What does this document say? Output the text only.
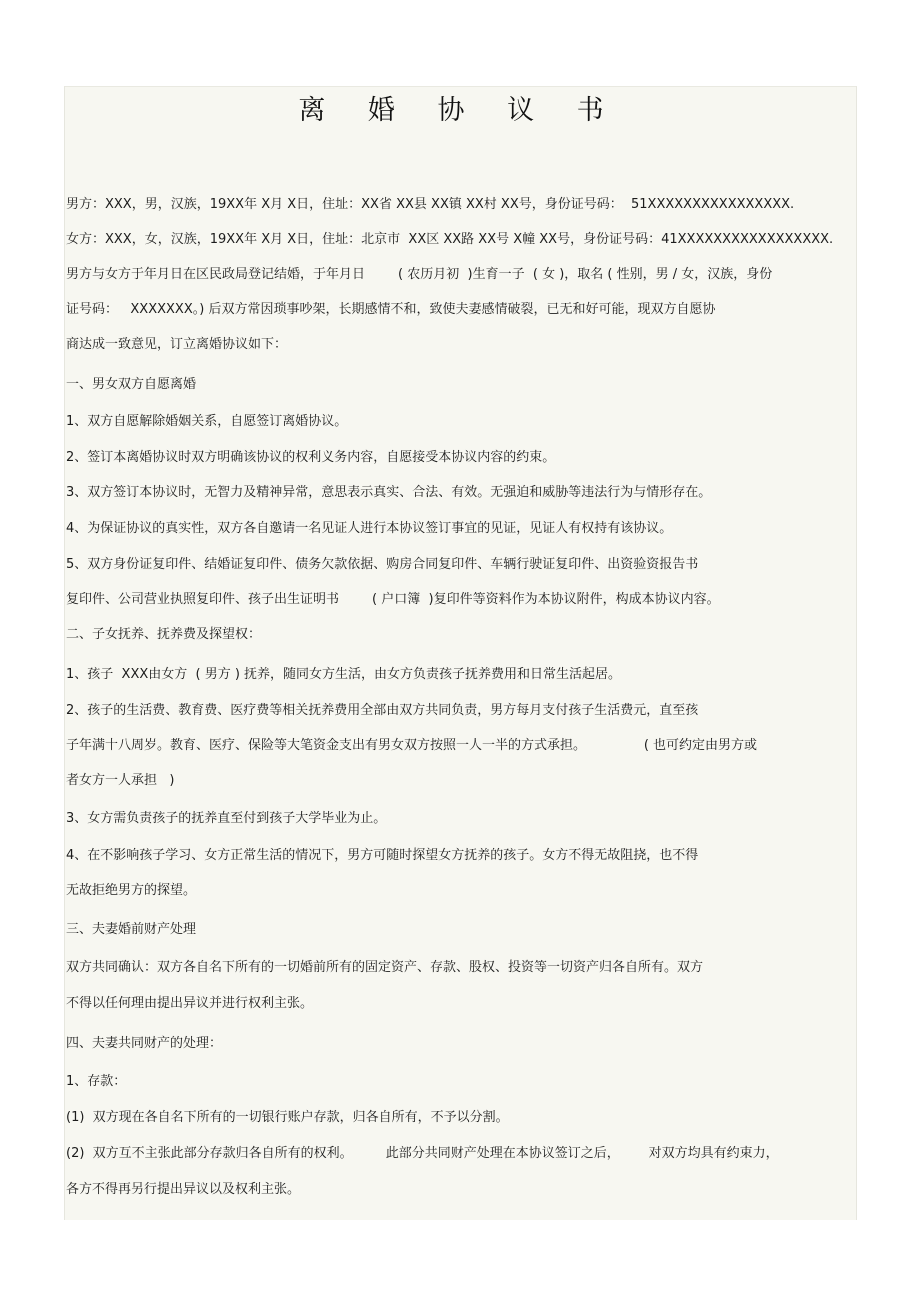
离 婚 协 议 书
男方：XXX，男，汉族，19XX年 X月 X日，住址：XX省 XX县 XX镇 XX村 XX号，身份证号码：  51XXXXXXXXXXXXXXXX.
女方：XXX，女，汉族，19XX年 X月 X日，住址：北京市  XX区 XX路 XX号 X幢 XX号，身份证号码：41XXXXXXXXXXXXXXXXX.
男方与女方于年月日在区民政局登记结婚，于年月日        ( 农历月初  )生育一子  ( 女 )，取名 ( 性别，男 / 女，汉族，身份
证号码：   XXXXXXX。) 后双方常因琐事吵架，长期感情不和，致使夫妻感情破裂，已无和好可能，现双方自愿协
商达成一致意见，订立离婚协议如下：
一、男女双方自愿离婚
1、双方自愿解除婚姻关系，自愿签订离婚协议。
2、签订本离婚协议时双方明确该协议的权利义务内容，自愿接受本协议内容的约束。
3、双方签订本协议时，无智力及精神异常，意思表示真实、合法、有效。无强迫和威胁等违法行为与情形存在。
4、为保证协议的真实性，双方各自邀请一名见证人进行本协议签订事宜的见证，见证人有权持有该协议。
5、双方身份证复印件、结婚证复印件、债务欠款依据、购房合同复印件、车辆行驶证复印件、出资验资报告书
复印件、公司营业执照复印件、孩子出生证明书        ( 户口簿  )复印件等资料作为本协议附件，构成本协议内容。
二、子女抚养、抚养费及探望权：
1、孩子  XXX由女方  ( 男方 ) 抚养，随同女方生活，由女方负责孩子抚养费用和日常生活起居。
2、孩子的生活费、教育费、医疗费等相关抚养费用全部由双方共同负责，男方每月支付孩子生活费元，直至孩
子年满十八周岁。教育、医疗、保险等大笔资金支出有男女双方按照一人一半的方式承担。              ( 也可约定由男方或
者女方一人承担   )
3、女方需负责孩子的抚养直至付到孩子大学毕业为止。
4、在不影响孩子学习、女方正常生活的情况下，男方可随时探望女方抚养的孩子。女方不得无故阻挠，也不得
无故拒绝男方的探望。
三、夫妻婚前财产处理
双方共同确认：双方各自名下所有的一切婚前所有的固定资产、存款、股权、投资等一切资产归各自所有。双方
不得以任何理由提出异议并进行权利主张。
四、夫妻共同财产的处理：
1、存款：
(1)  双方现在各自名下所有的一切银行账户存款，归各自所有，不予以分割。
(2)  双方互不主张此部分存款归各自所有的权利。        此部分共同财产处理在本协议签订之后，       对双方均具有约束力，
各方不得再另行提出异议以及权利主张。
